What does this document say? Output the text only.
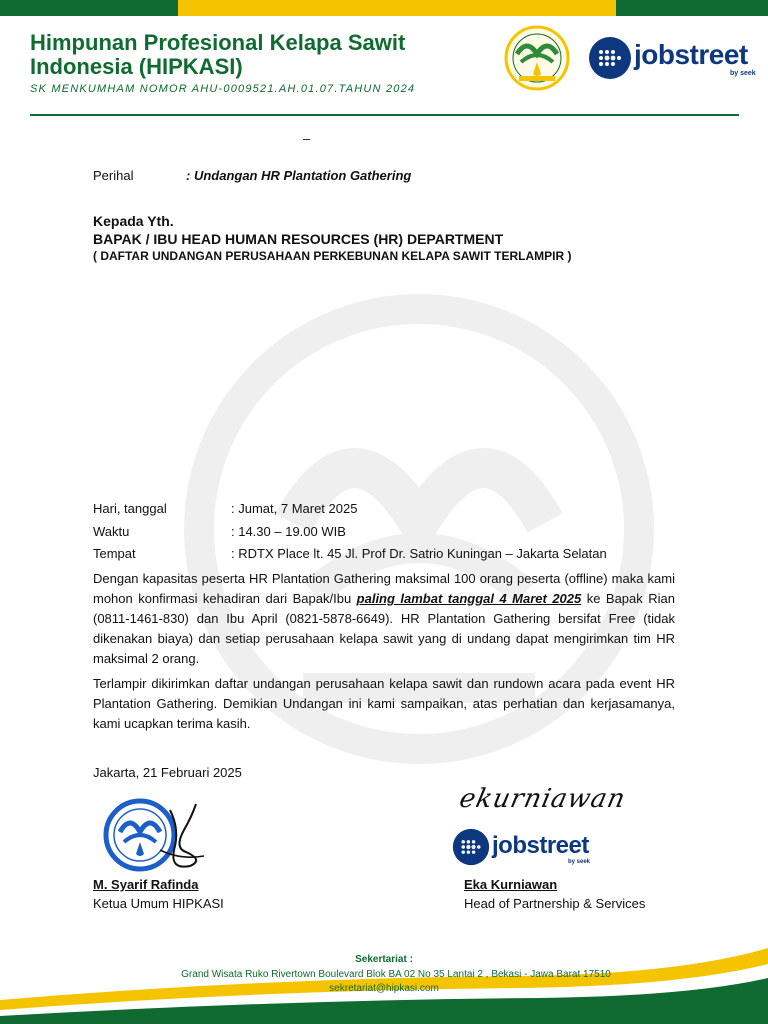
Himpunan Profesional Kelapa Sawit Indonesia (HIPKASI)
SK MENKUMHAM NOMOR AHU-0009521.AH.01.07.TAHUN 2024
jobstreet
by seek
–
Perihal	: Undangan HR Plantation Gathering
Kepada Yth.
BAPAK / IBU HEAD HUMAN RESOURCES (HR) DEPARTMENT
( DAFTAR UNDANGAN PERUSAHAAN PERKEBUNAN KELAPA SAWIT TERLAMPIR )
Hari, tanggal	: Jumat, 7 Maret 2025
Waktu	: 14.30 – 19.00 WIB
Tempat	: RDTX Place lt. 45 Jl. Prof Dr. Satrio Kuningan – Jakarta Selatan
Dengan kapasitas peserta HR Plantation Gathering maksimal 100 orang peserta (offline) maka kami mohon konfirmasi kehadiran dari Bapak/Ibu paling lambat tanggal 4 Maret 2025 ke Bapak Rian (0811-1461-830) dan Ibu April (0821-5878-6649). HR Plantation Gathering bersifat Free (tidak dikenakan biaya) dan setiap perusahaan kelapa sawit yang di undang dapat mengirimkan tim HR maksimal 2 orang.
Terlampir dikirimkan daftar undangan perusahaan kelapa sawit dan rundown acara pada event HR Plantation Gathering. Demikian Undangan ini kami sampaikan, atas perhatian dan kerjasamanya, kami ucapkan terima kasih.
Jakarta, 21 Februari 2025
M. Syarif Rafinda
Ketua Umum HIPKASI
ekurniawan
jobstreet
by seek
Eka Kurniawan
Head of Partnership & Services
Sekertariat :
Grand Wisata Ruko Rivertown Boulevard Blok BA 02 No 35 Lantai 2 , Bekasi - Jawa Barat 17510
sekretariat@hipkasi.com
